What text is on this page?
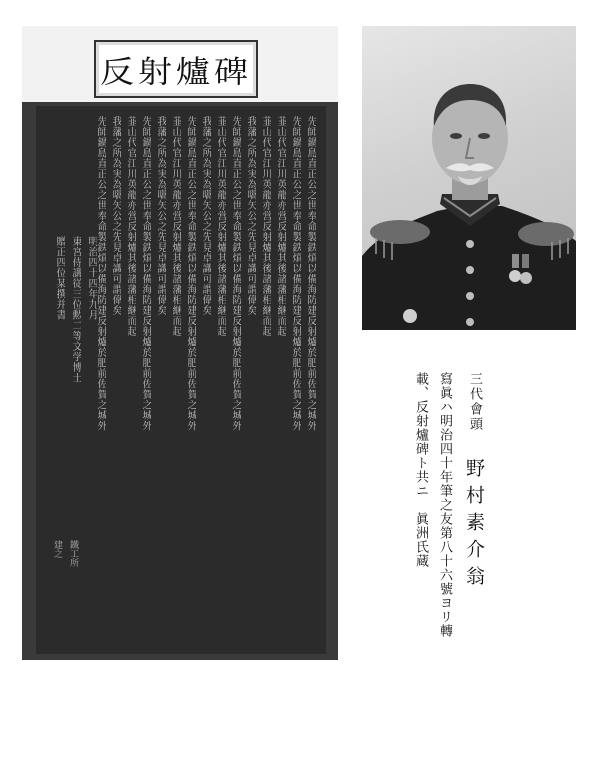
反射爐碑
先師鍋島直正公之世奉命製鉄熕以備海防建反射爐於肥前佐賀之城外
先師鍋島直正公之世奉命製鉄熕以備海防建反射爐於肥前佐賀之城外
韮山代官江川英龍亦営反射爐其後諸藩相継而起
韮山代官江川英龍亦営反射爐其後諸藩相継而起
我藩之所為実為嚆矢公之先見卓識可謂偉矣
先師鍋島直正公之世奉命製鉄熕以備海防建反射爐於肥前佐賀之城外
韮山代官江川英龍亦営反射爐其後諸藩相継而起
我藩之所為実為嚆矢公之先見卓識可謂偉矣
先師鍋島直正公之世奉命製鉄熕以備海防建反射爐於肥前佐賀之城外
韮山代官江川英龍亦営反射爐其後諸藩相継而起
我藩之所為実為嚆矢公之先見卓識可謂偉矣
先師鍋島直正公之世奉命製鉄熕以備海防建反射爐於肥前佐賀之城外
韮山代官江川英龍亦営反射爐其後諸藩相継而起
我藩之所為実為嚆矢公之先見卓識可謂偉矣
先師鍋島直正公之世奉命製鉄熕以備海防建反射爐於肥前佐賀之城外
明治四十四年九月
東宮侍講従三位勲二等文学博士
贈正四位某撰并書
鐵工所
建之
三代會頭
野村素介翁
寫眞ハ明治四十年筆之友第八十六號ヨリ轉
載、反射爐碑ト共ニ　眞洲氏蔵
